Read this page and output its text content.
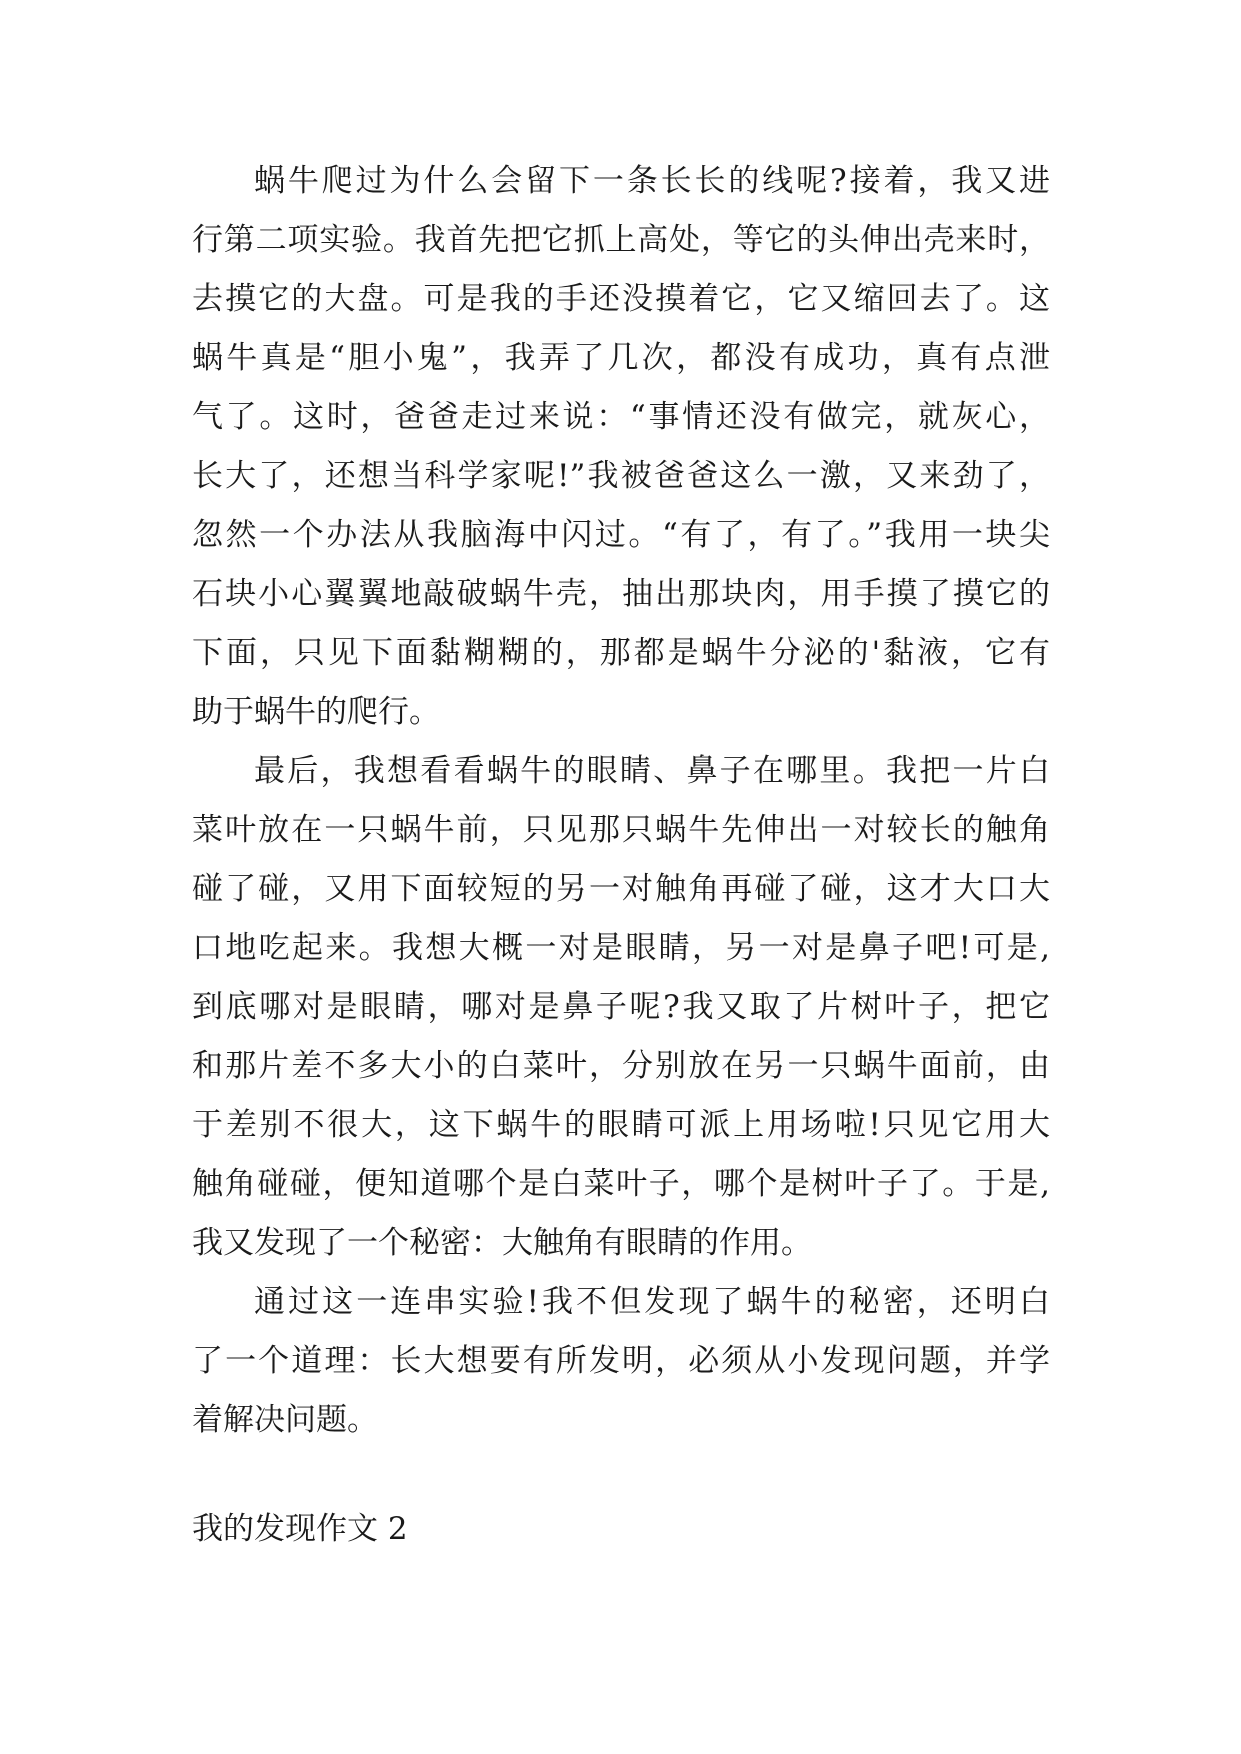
蜗牛爬过为什么会留下一条长长的线呢?接着，我又进
行第二项实验。我首先把它抓上高处，等它的头伸出壳来时，
去摸它的大盘。可是我的手还没摸着它，它又缩回去了。这
蜗牛真是“胆小鬼”，我弄了几次，都没有成功，真有点泄
气了。这时，爸爸走过来说：“事情还没有做完，就灰心，
长大了，还想当科学家呢!”我被爸爸这么一激，又来劲了，
忽然一个办法从我脑海中闪过。“有了，有了。”我用一块尖
石块小心翼翼地敲破蜗牛壳，抽出那块肉，用手摸了摸它的
下面，只见下面黏糊糊的，那都是蜗牛分泌的'黏液，它有
助于蜗牛的爬行。
最后，我想看看蜗牛的眼睛、鼻子在哪里。我把一片白
菜叶放在一只蜗牛前，只见那只蜗牛先伸出一对较长的触角
碰了碰，又用下面较短的另一对触角再碰了碰，这才大口大
口地吃起来。我想大概一对是眼睛，另一对是鼻子吧!可是,
到底哪对是眼睛，哪对是鼻子呢?我又取了片树叶子，把它
和那片差不多大小的白菜叶，分别放在另一只蜗牛面前，由
于差别不很大，这下蜗牛的眼睛可派上用场啦!只见它用大
触角碰碰，便知道哪个是白菜叶子，哪个是树叶子了。于是,
我又发现了一个秘密：大触角有眼睛的作用。
通过这一连串实验!我不但发现了蜗牛的秘密，还明白
了一个道理：长大想要有所发明，必须从小发现问题，并学
着解决问题。
我的发现作文 2
